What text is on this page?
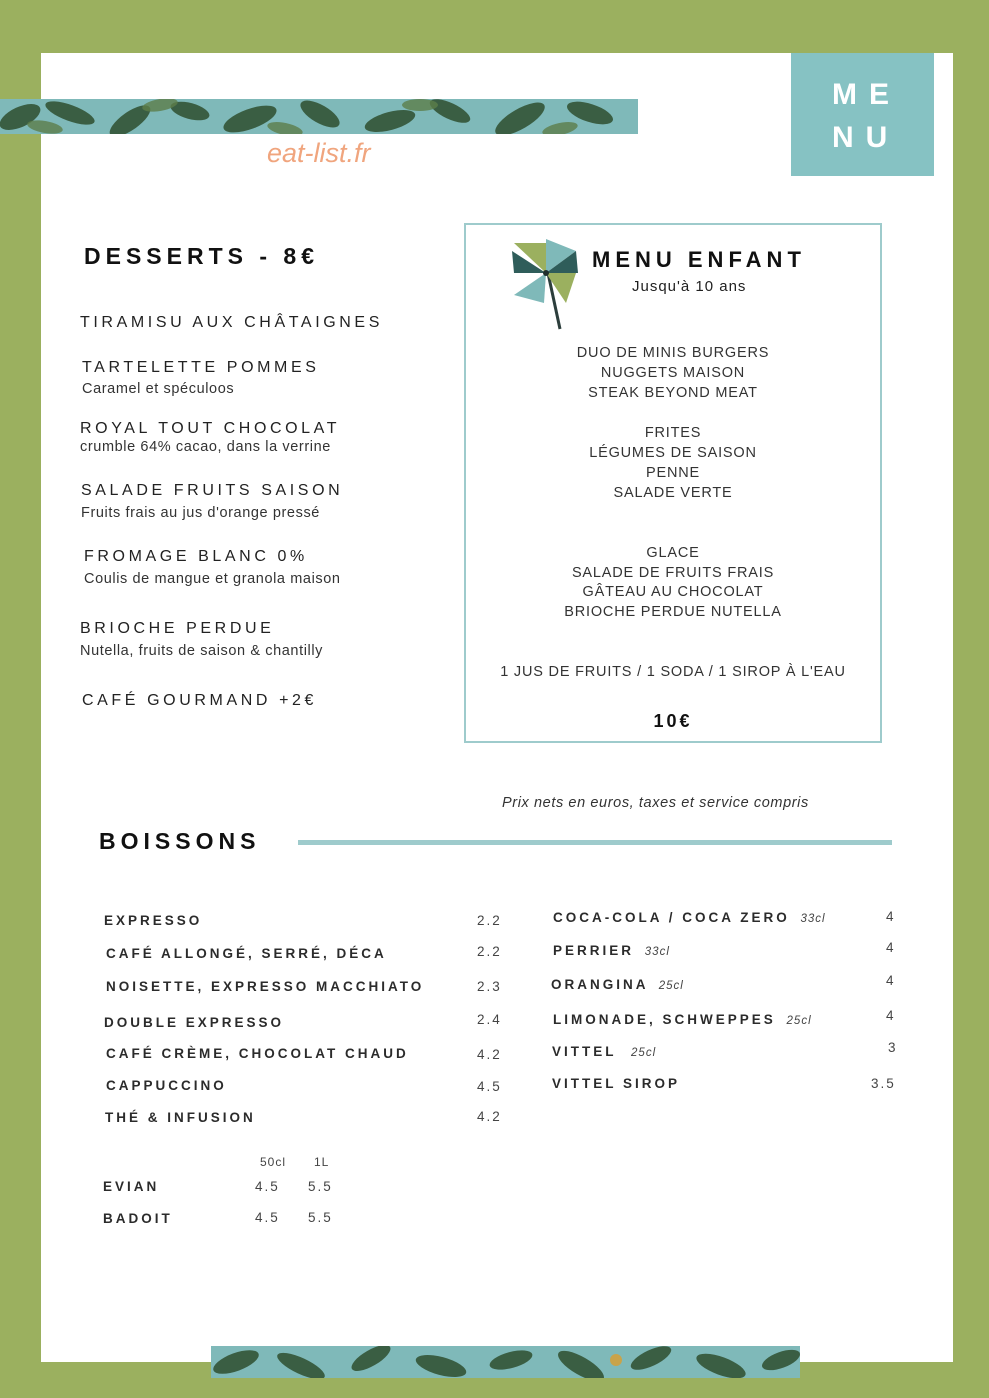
ME
NU
eat-list.fr
DESSERTS - 8€
TIRAMISU AUX CHÂTAIGNES
TARTELETTE POMMES
Caramel et spéculoos
ROYAL TOUT CHOCOLAT
crumble 64% cacao, dans la verrine
SALADE FRUITS SAISON
Fruits frais au jus d'orange pressé
FROMAGE BLANC 0%
Coulis de mangue et granola maison
BRIOCHE PERDUE
Nutella, fruits de saison & chantilly
CAFÉ GOURMAND +2€
MENU ENFANT
Jusqu'à 10 ans
DUO DE MINIS BURGERS
NUGGETS MAISON
STEAK BEYOND MEAT
FRITES
LÉGUMES DE SAISON
PENNE
SALADE VERTE
GLACE
SALADE DE FRUITS FRAIS
GÂTEAU AU CHOCOLAT
BRIOCHE PERDUE NUTELLA
1 JUS DE FRUITS / 1 SODA / 1 SIROP À L'EAU
10€
Prix nets en euros, taxes et service compris
BOISSONS
EXPRESSO	2.2
CAFÉ ALLONGÉ, SERRÉ, DÉCA	2.2
NOISETTE, EXPRESSO MACCHIATO	2.3
DOUBLE EXPRESSO	2.4
CAFÉ CRÈME, CHOCOLAT CHAUD	4.2
CAPPUCCINO	4.5
THÉ & INFUSION	4.2
50cl 1L
EVIAN	4.5 5.5
BADOIT	4.5 5.5
COCA-COLA / COCA ZERO 33cl	4
PERRIER 33cl	4
ORANGINA 25cl	4
LIMONADE, SCHWEPPES 25cl	4
VITTEL 25cl	3
VITTEL SIROP	3.5
